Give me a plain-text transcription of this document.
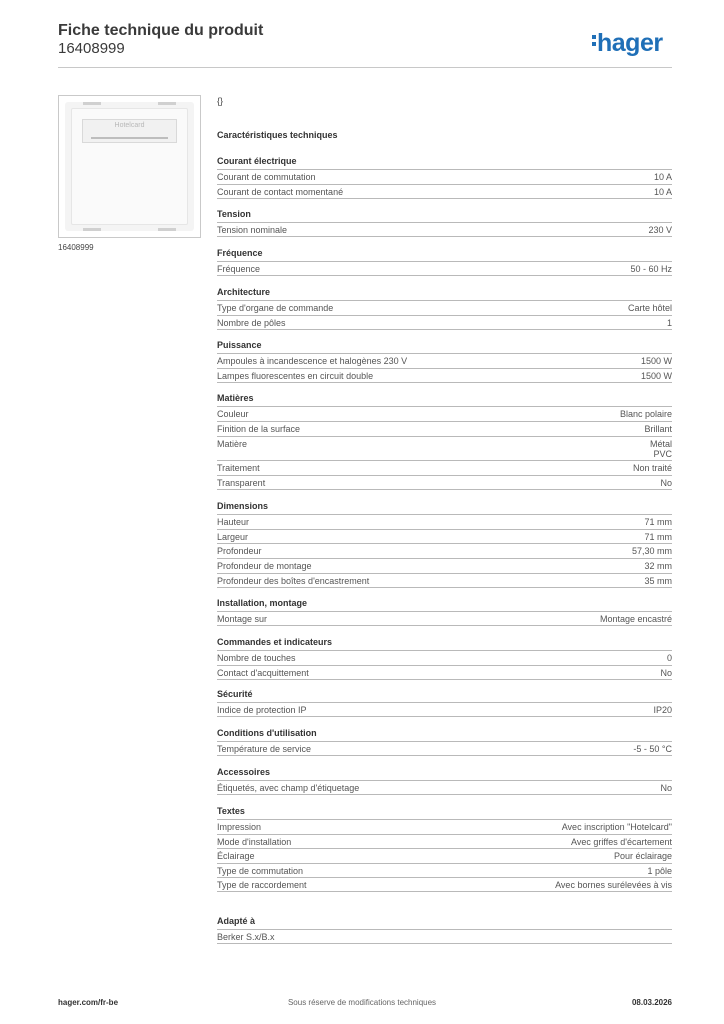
Fiche technique du produit
16408999	hager
Hotelcard
16408999
{}
Caractéristiques techniques
Courant électrique
Courant de commutation	10 A
Courant de contact momentané	10 A
Tension
Tension nominale	230 V
Fréquence
Fréquence	50 - 60 Hz
Architecture
Type d'organe de commande	Carte hôtel
Nombre de pôles	1
Puissance
Ampoules à incandescence et halogènes 230 V	1500 W
Lampes fluorescentes en circuit double	1500 W
Matières
Couleur	Blanc polaire
Finition de la surface	Brillant
Matière	Métal
PVC
Traitement	Non traité
Transparent	No
Dimensions
Hauteur	71 mm
Largeur	71 mm
Profondeur	57,30 mm
Profondeur de montage	32 mm
Profondeur des boîtes d'encastrement	35 mm
Installation, montage
Montage sur	Montage encastré
Commandes et indicateurs
Nombre de touches	0
Contact d'acquittement	No
Sécurité
Indice de protection IP	IP20
Conditions d'utilisation
Température de service	-5 - 50 °C
Accessoires
Étiquetés, avec champ d'étiquetage	No
Textes
Impression	Avec inscription "Hotelcard"
Mode d'installation	Avec griffes d'écartement
Éclairage	Pour éclairage
Type de commutation	1 pôle
Type de raccordement	Avec bornes surélevées à vis
Adapté à
Berker S.x/B.x
hager.com/fr-be	Sous réserve de modifications techniques	08.03.2026
